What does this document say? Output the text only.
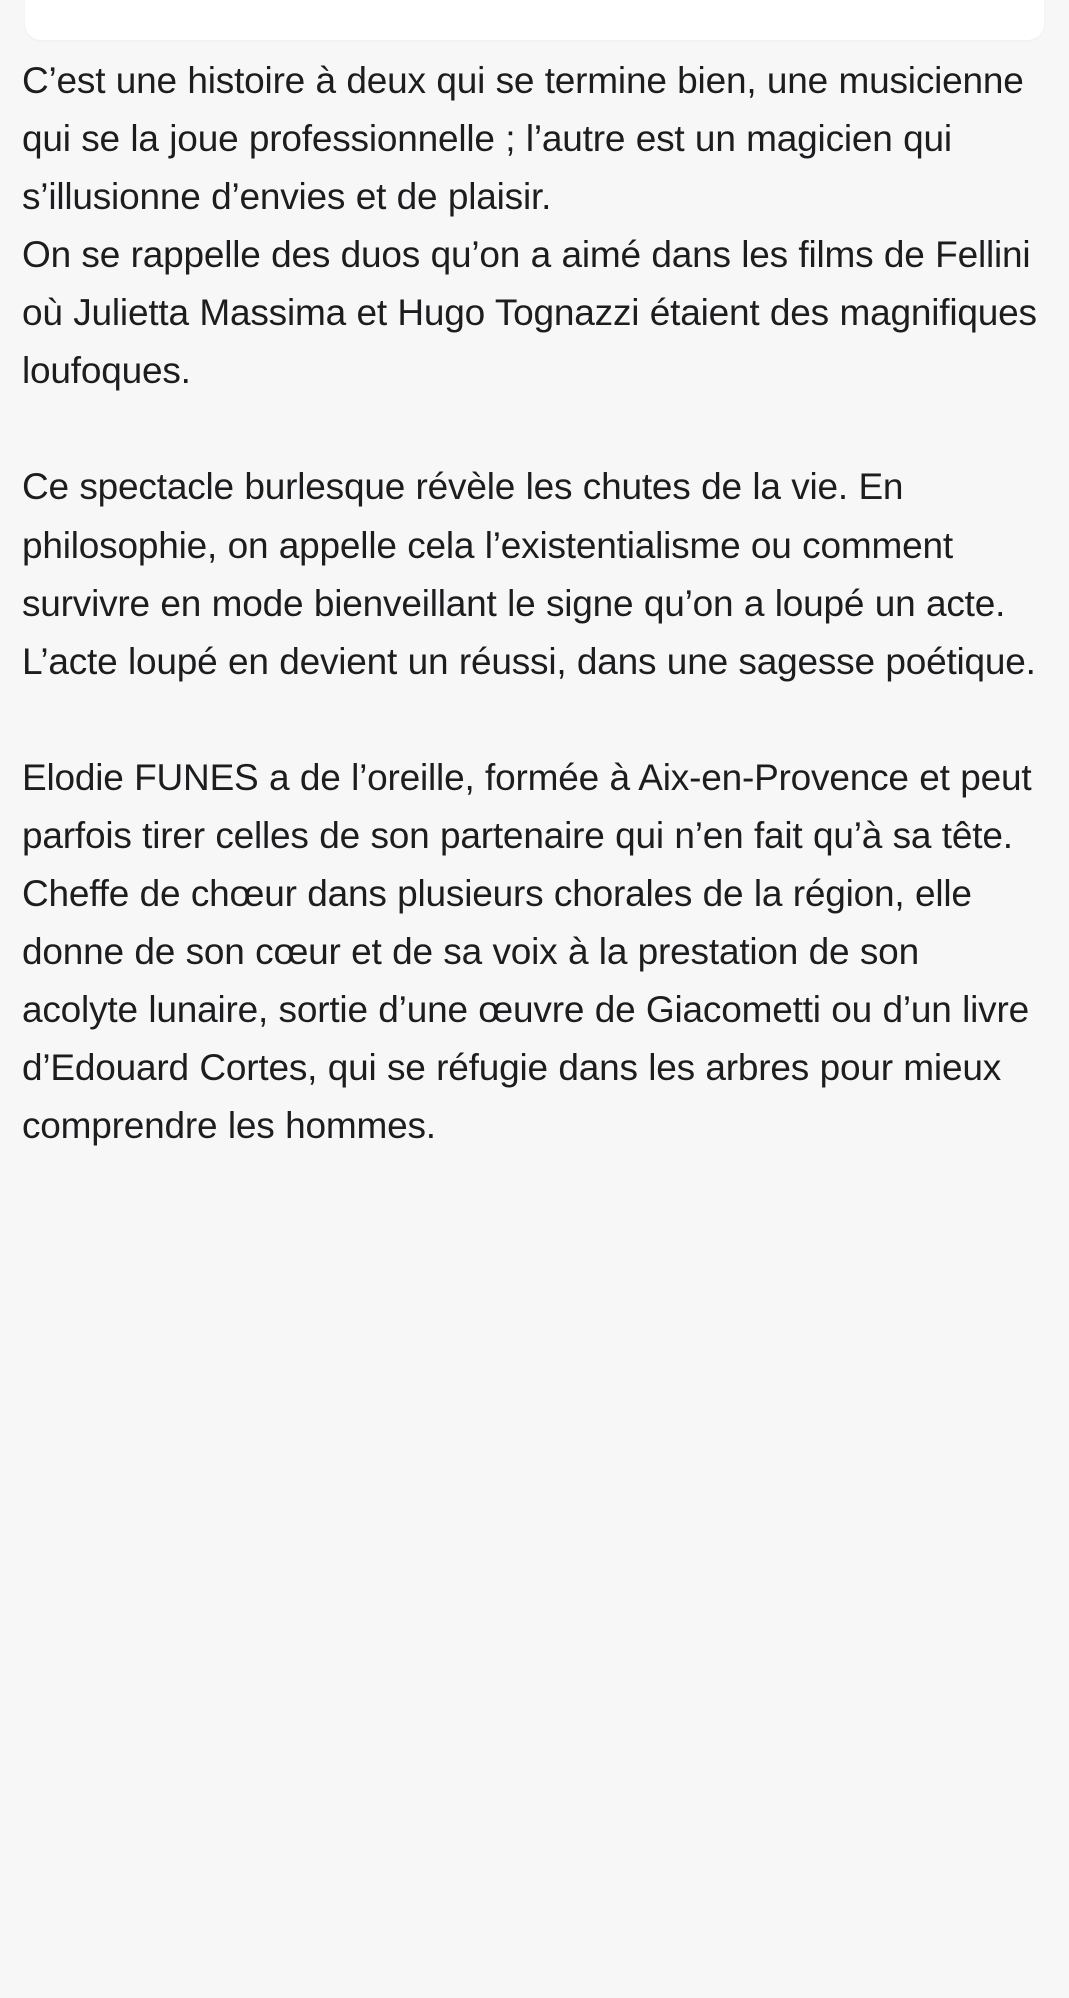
C’est une histoire à deux qui se termine bien, une musicienne qui se la joue professionnelle ; l’autre est un magicien qui s’illusionne d’envies et de plaisir.

On se rappelle des duos qu’on a aimé dans les films de Fellini où Julietta Massima et Hugo Tognazzi étaient des magnifiques loufoques.

Ce spectacle burlesque révèle les chutes de la vie. En philosophie, on appelle cela l’existentialisme ou comment survivre en mode bienveillant le signe qu’on a loupé un acte. L’acte loupé en devient un réussi, dans une sagesse poétique.

Elodie FUNES a de l’oreille, formée à Aix-en-Provence et peut parfois tirer celles de son partenaire qui n’en fait qu’à sa tête. Cheffe de chœur dans plusieurs chorales de la région, elle donne de son cœur et de sa voix à la prestation de son acolyte lunaire, sortie d’une œuvre de Giacometti ou d’un livre d’Edouard Cortes, qui se réfugie dans les arbres pour mieux comprendre les hommes.
